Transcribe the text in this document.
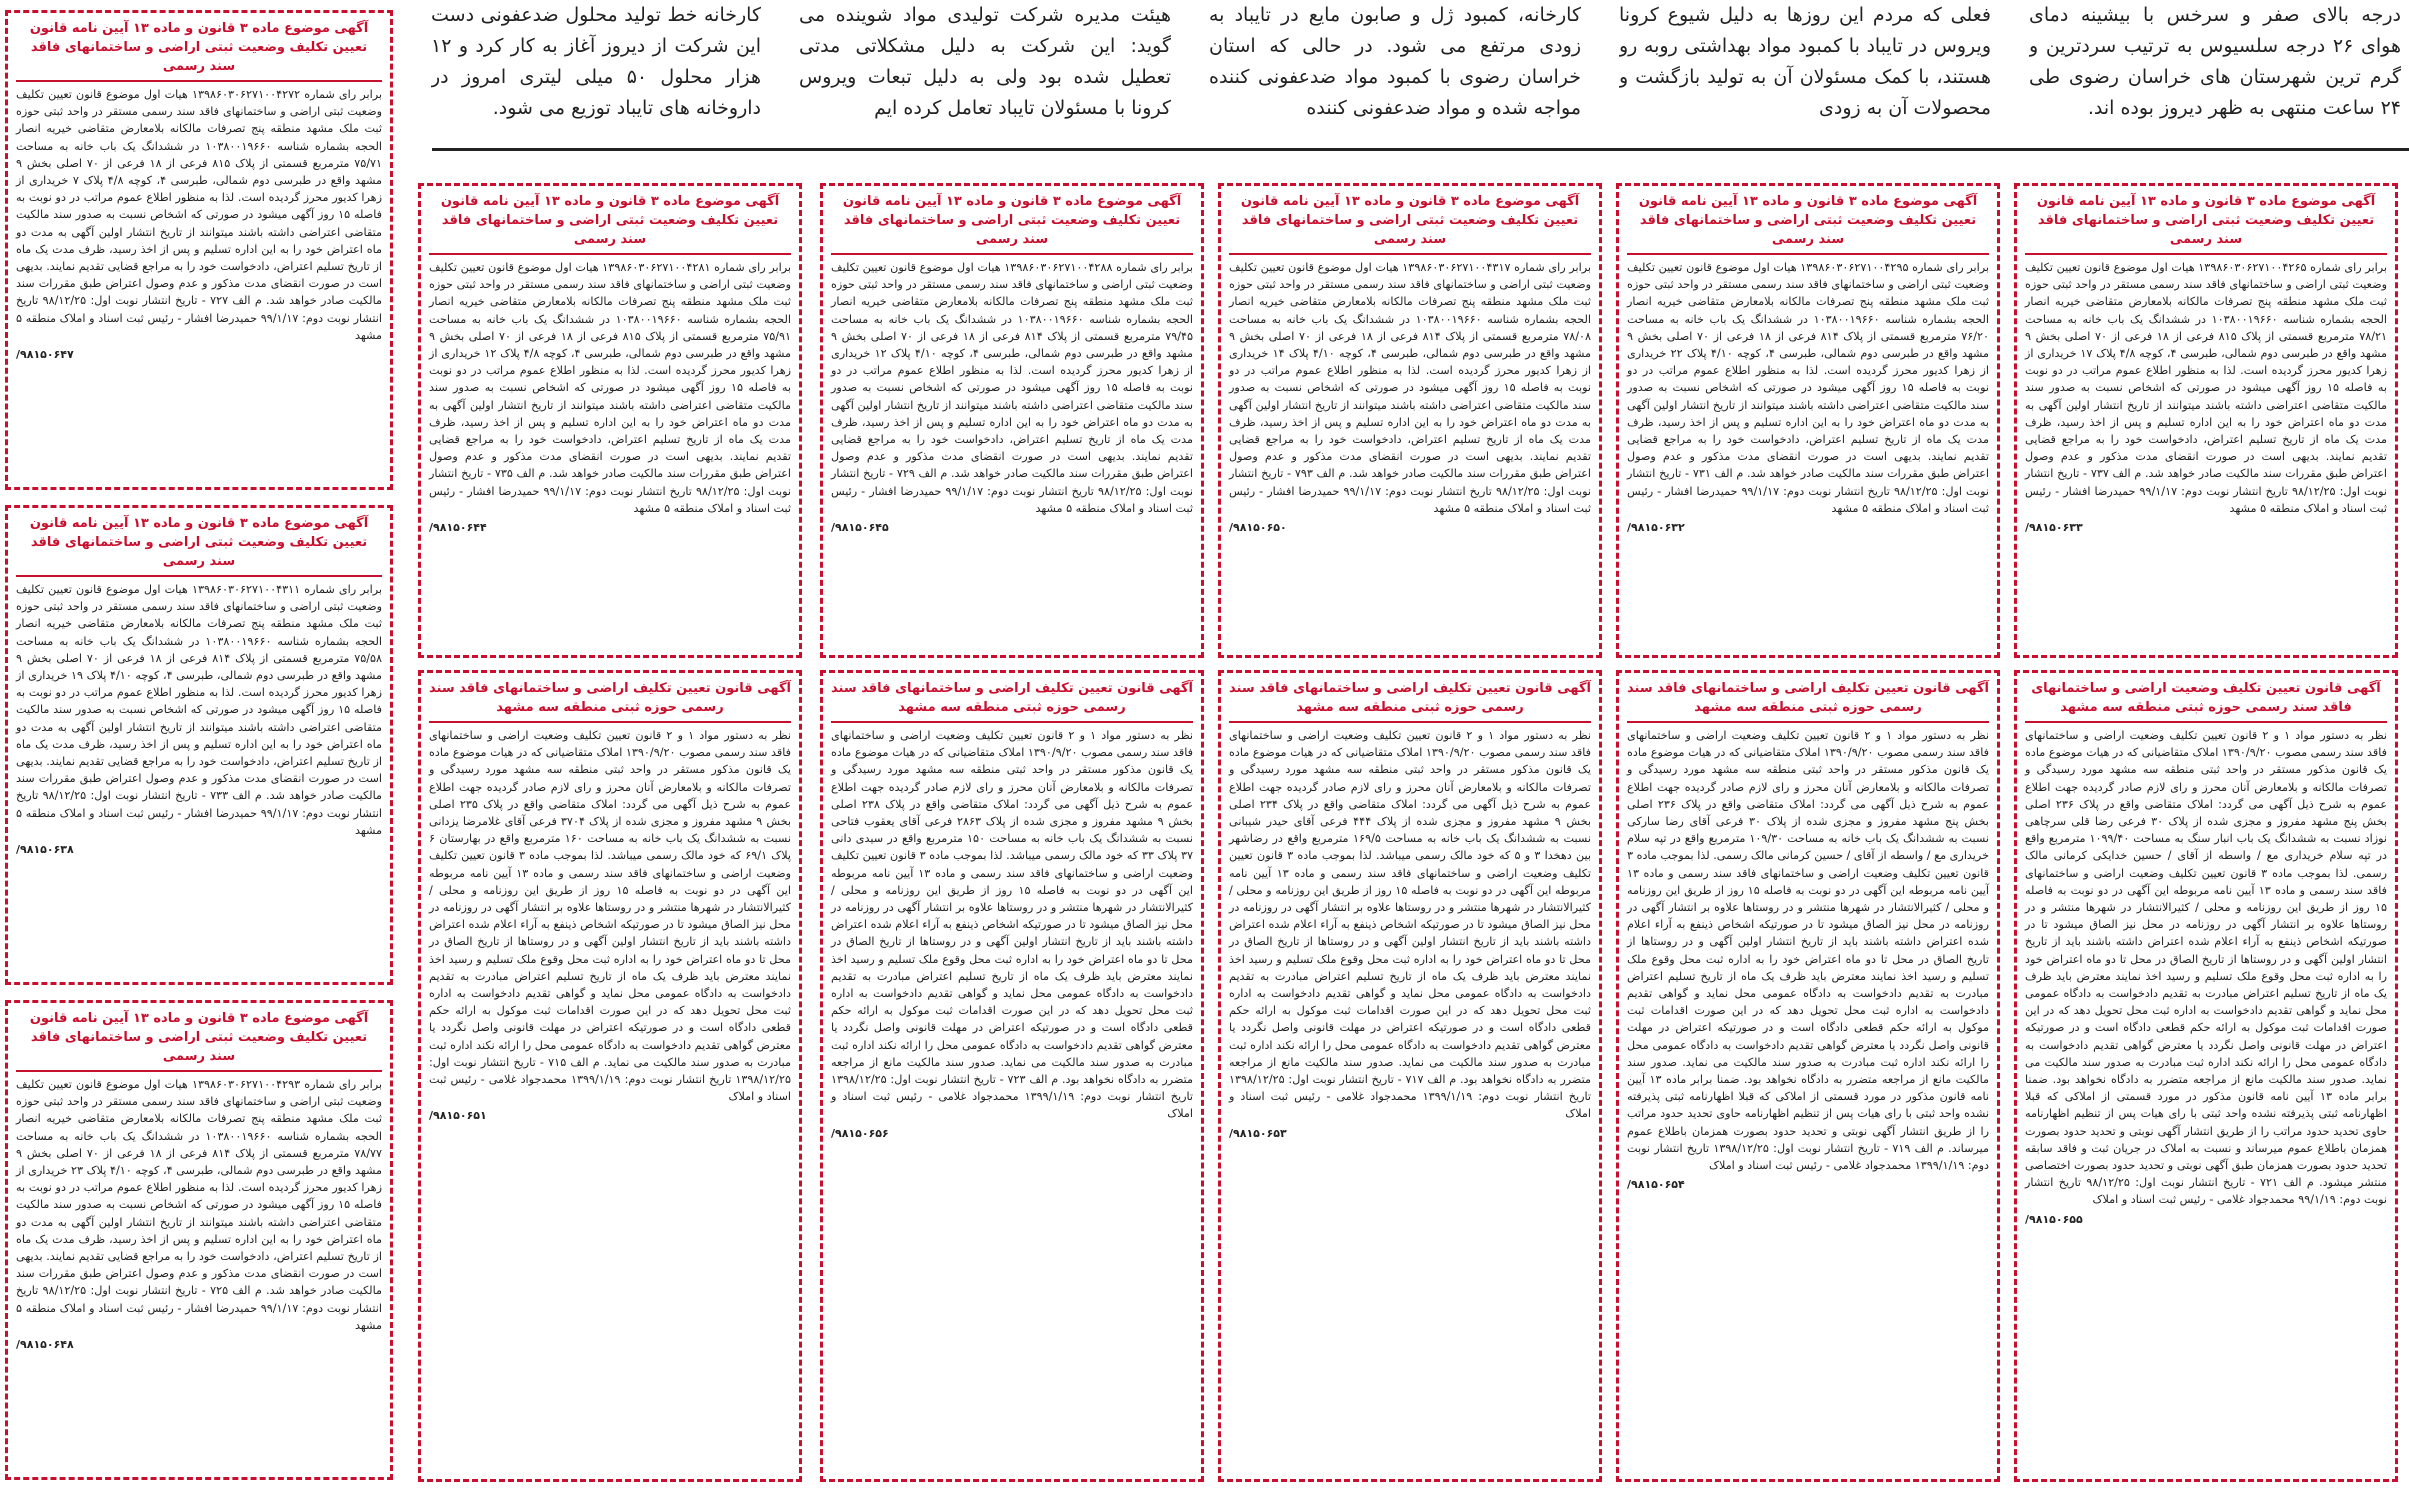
درجه بالای صفر و سرخس با بیشینه دمای هوای ۲۶ درجه سلسیوس به ترتیب سردترین و گرم ترین شهرستان های خراسان رضوی طی ۲۴ ساعت منتهی به ظهر دیروز بوده اند.

فعلی که مردم این روزها به دلیل شیوع کرونا ویروس در تایباد با کمبود مواد بهداشتی روبه رو هستند، با کمک مسئولان آن به تولید بازگشت و محصولات آن به زودی

کارخانه، کمبود ژل و صابون مایع در تایباد به زودی مرتفع می شود. در حالی که استان خراسان رضوی با کمبود مواد ضدعفونی کننده مواجه شده و مواد ضدعفونی کننده

هیئت مدیره شرکت تولیدی مواد شوینده می گوید: این شرکت به دلیل مشکلاتی مدتی تعطیل شده بود ولی به دلیل تبعات ویروس کرونا با مسئولان تایباد تعامل کرده ایم

کارخانه خط تولید محلول ضدعفونی دست این شرکت از دیروز آغاز به کار کرد و ۱۲ هزار محلول ۵۰ میلی لیتری امروز در داروخانه های تایباد توزیع می شود.

آگهی موضوع ماده ۳ قانون و ماده ۱۳ آیین نامه قانون تعیین تکلیف وضعیت ثبتی اراضی و ساختمانهای فاقد سند رسمی

برابر رای شماره ۱۳۹۸۶۰۳۰۶۲۷۱۰۰۴۲۶۵ هیات اول موضوع قانون تعیین تکلیف وضعیت ثبتی اراضی و ساختمانهای فاقد سند رسمی مستقر در واحد ثبتی حوزه ثبت ملک مشهد منطقه پنج تصرفات مالکانه بلامعارض متقاضی خیریه انصار الحجه بشماره شناسه ۱۰۳۸۰۰۱۹۶۶۰ در ششدانگ یک باب خانه به مساحت ۷۸/۲۱ مترمربع قسمتی از پلاک ۸۱۵ فرعی از ۱۸ فرعی از ۷۰ اصلی بخش ۹ مشهد واقع در طبرسی دوم شمالی، طبرسی ۴، کوچه ۴/۸ پلاک ۱۷ خریداری از زهرا کدیور محرز گردیده است. لذا به منظور اطلاع عموم مراتب در دو نوبت به فاصله ۱۵ روز آگهی میشود در صورتی که اشخاص نسبت به صدور سند مالکیت متقاضی اعتراضی داشته باشند میتوانند از تاریخ انتشار اولین آگهی به مدت دو ماه اعتراض خود را به این اداره تسلیم و پس از اخذ رسید، ظرف مدت یک ماه از تاریخ تسلیم اعتراض، دادخواست خود را به مراجع قضایی تقدیم نمایند. بدیهی است در صورت انقضای مدت مذکور و عدم وصول اعتراض طبق مقررات سند مالکیت صادر خواهد شد. م الف ۷۳۷ - تاریخ انتشار نوبت اول: ۹۸/۱۲/۲۵ تاریخ انتشار نوبت دوم: ۹۹/۱/۱۷ حمیدرضا افشار - رئیس ثبت اسناد و املاک منطقه ۵ مشهد

/۹۸۱۵۰۶۳۳
آگهی موضوع ماده ۳ قانون و ماده ۱۳ آیین نامه قانون تعیین تکلیف وضعیت ثبتی اراضی و ساختمانهای فاقد سند رسمی

برابر رای شماره ۱۳۹۸۶۰۳۰۶۲۷۱۰۰۴۲۹۵ هیات اول موضوع قانون تعیین تکلیف وضعیت ثبتی اراضی و ساختمانهای فاقد سند رسمی مستقر در واحد ثبتی حوزه ثبت ملک مشهد منطقه پنج تصرفات مالکانه بلامعارض متقاضی خیریه انصار الحجه بشماره شناسه ۱۰۳۸۰۰۱۹۶۶۰ در ششدانگ یک باب خانه به مساحت ۷۶/۲۰ مترمربع قسمتی از پلاک ۸۱۴ فرعی از ۱۸ فرعی از ۷۰ اصلی بخش ۹ مشهد واقع در طبرسی دوم شمالی، طبرسی ۴، کوچه ۴/۱۰ پلاک ۲۲ خریداری از زهرا کدیور محرز گردیده است. لذا به منظور اطلاع عموم مراتب در دو نوبت به فاصله ۱۵ روز آگهی میشود در صورتی که اشخاص نسبت به صدور سند مالکیت متقاضی اعتراضی داشته باشند میتوانند از تاریخ انتشار اولین آگهی به مدت دو ماه اعتراض خود را به این اداره تسلیم و پس از اخذ رسید، ظرف مدت یک ماه از تاریخ تسلیم اعتراض، دادخواست خود را به مراجع قضایی تقدیم نمایند. بدیهی است در صورت انقضای مدت مذکور و عدم وصول اعتراض طبق مقررات سند مالکیت صادر خواهد شد. م الف ۷۳۱ - تاریخ انتشار نوبت اول: ۹۸/۱۲/۲۵ تاریخ انتشار نوبت دوم: ۹۹/۱/۱۷ حمیدرضا افشار - رئیس ثبت اسناد و املاک منطقه ۵ مشهد

/۹۸۱۵۰۶۳۲
آگهی موضوع ماده ۳ قانون و ماده ۱۳ آیین نامه قانون تعیین تکلیف وضعیت ثبتی اراضی و ساختمانهای فاقد سند رسمی

برابر رای شماره ۱۳۹۸۶۰۳۰۶۲۷۱۰۰۴۳۱۷ هیات اول موضوع قانون تعیین تکلیف وضعیت ثبتی اراضی و ساختمانهای فاقد سند رسمی مستقر در واحد ثبتی حوزه ثبت ملک مشهد منطقه پنج تصرفات مالکانه بلامعارض متقاضی خیریه انصار الحجه بشماره شناسه ۱۰۳۸۰۰۱۹۶۶۰ در ششدانگ یک باب خانه به مساحت ۷۸/۰۸ مترمربع قسمتی از پلاک ۸۱۴ فرعی از ۱۸ فرعی از ۷۰ اصلی بخش ۹ مشهد واقع در طبرسی دوم شمالی، طبرسی ۴، کوچه ۴/۱۰ پلاک ۱۴ خریداری از زهرا کدیور محرز گردیده است. لذا به منظور اطلاع عموم مراتب در دو نوبت به فاصله ۱۵ روز آگهی میشود در صورتی که اشخاص نسبت به صدور سند مالکیت متقاضی اعتراضی داشته باشند میتوانند از تاریخ انتشار اولین آگهی به مدت دو ماه اعتراض خود را به این اداره تسلیم و پس از اخذ رسید، ظرف مدت یک ماه از تاریخ تسلیم اعتراض، دادخواست خود را به مراجع قضایی تقدیم نمایند. بدیهی است در صورت انقضای مدت مذکور و عدم وصول اعتراض طبق مقررات سند مالکیت صادر خواهد شد. م الف ۷۹۳ - تاریخ انتشار نوبت اول: ۹۸/۱۲/۲۵ تاریخ انتشار نوبت دوم: ۹۹/۱/۱۷ حمیدرضا افشار - رئیس ثبت اسناد و املاک منطقه ۵ مشهد

/۹۸۱۵۰۶۵۰
آگهی موضوع ماده ۳ قانون و ماده ۱۳ آیین نامه قانون تعیین تکلیف وضعیت ثبتی اراضی و ساختمانهای فاقد سند رسمی

برابر رای شماره ۱۳۹۸۶۰۳۰۶۲۷۱۰۰۴۲۸۸ هیات اول موضوع قانون تعیین تکلیف وضعیت ثبتی اراضی و ساختمانهای فاقد سند رسمی مستقر در واحد ثبتی حوزه ثبت ملک مشهد منطقه پنج تصرفات مالکانه بلامعارض متقاضی خیریه انصار الحجه بشماره شناسه ۱۰۳۸۰۰۱۹۶۶۰ در ششدانگ یک باب خانه به مساحت ۷۹/۴۵ مترمربع قسمتی از پلاک ۸۱۴ فرعی از ۱۸ فرعی از ۷۰ اصلی بخش ۹ مشهد واقع در طبرسی دوم شمالی، طبرسی ۴، کوچه ۴/۱۰ پلاک ۱۲ خریداری از زهرا کدیور محرز گردیده است. لذا به منظور اطلاع عموم مراتب در دو نوبت به فاصله ۱۵ روز آگهی میشود در صورتی که اشخاص نسبت به صدور سند مالکیت متقاضی اعتراضی داشته باشند میتوانند از تاریخ انتشار اولین آگهی به مدت دو ماه اعتراض خود را به این اداره تسلیم و پس از اخذ رسید، ظرف مدت یک ماه از تاریخ تسلیم اعتراض، دادخواست خود را به مراجع قضایی تقدیم نمایند. بدیهی است در صورت انقضای مدت مذکور و عدم وصول اعتراض طبق مقررات سند مالکیت صادر خواهد شد. م الف ۷۲۹ - تاریخ انتشار نوبت اول: ۹۸/۱۲/۲۵ تاریخ انتشار نوبت دوم: ۹۹/۱/۱۷ حمیدرضا افشار - رئیس ثبت اسناد و املاک منطقه ۵ مشهد

/۹۸۱۵۰۶۴۵
آگهی موضوع ماده ۳ قانون و ماده ۱۳ آیین نامه قانون تعیین تکلیف وضعیت ثبتی اراضی و ساختمانهای فاقد سند رسمی

برابر رای شماره ۱۳۹۸۶۰۳۰۶۲۷۱۰۰۴۲۸۱ هیات اول موضوع قانون تعیین تکلیف وضعیت ثبتی اراضی و ساختمانهای فاقد سند رسمی مستقر در واحد ثبتی حوزه ثبت ملک مشهد منطقه پنج تصرفات مالکانه بلامعارض متقاضی خیریه انصار الحجه بشماره شناسه ۱۰۳۸۰۰۱۹۶۶۰ در ششدانگ یک باب خانه به مساحت ۷۵/۹۱ مترمربع قسمتی از پلاک ۸۱۵ فرعی از ۱۸ فرعی از ۷۰ اصلی بخش ۹ مشهد واقع در طبرسی دوم شمالی، طبرسی ۴، کوچه ۴/۸ پلاک ۱۲ خریداری از زهرا کدیور محرز گردیده است. لذا به منظور اطلاع عموم مراتب در دو نوبت به فاصله ۱۵ روز آگهی میشود در صورتی که اشخاص نسبت به صدور سند مالکیت متقاضی اعتراضی داشته باشند میتوانند از تاریخ انتشار اولین آگهی به مدت دو ماه اعتراض خود را به این اداره تسلیم و پس از اخذ رسید، ظرف مدت یک ماه از تاریخ تسلیم اعتراض، دادخواست خود را به مراجع قضایی تقدیم نمایند. بدیهی است در صورت انقضای مدت مذکور و عدم وصول اعتراض طبق مقررات سند مالکیت صادر خواهد شد. م الف ۷۳۵ - تاریخ انتشار نوبت اول: ۹۸/۱۲/۲۵ تاریخ انتشار نوبت دوم: ۹۹/۱/۱۷ حمیدرضا افشار - رئیس ثبت اسناد و املاک منطقه ۵ مشهد

/۹۸۱۵۰۶۴۴
آگهی موضوع ماده ۳ قانون و ماده ۱۳ آیین نامه قانون تعیین تکلیف وضعیت ثبتی اراضی و ساختمانهای فاقد سند رسمی

برابر رای شماره ۱۳۹۸۶۰۳۰۶۲۷۱۰۰۴۲۷۲ هیات اول موضوع قانون تعیین تکلیف وضعیت ثبتی اراضی و ساختمانهای فاقد سند رسمی مستقر در واحد ثبتی حوزه ثبت ملک مشهد منطقه پنج تصرفات مالکانه بلامعارض متقاضی خیریه انصار الحجه بشماره شناسه ۱۰۳۸۰۰۱۹۶۶۰ در ششدانگ یک باب خانه به مساحت ۷۵/۷۱ مترمربع قسمتی از پلاک ۸۱۵ فرعی از ۱۸ فرعی از ۷۰ اصلی بخش ۹ مشهد واقع در طبرسی دوم شمالی، طبرسی ۴، کوچه ۴/۸ پلاک ۷ خریداری از زهرا کدیور محرز گردیده است. لذا به منظور اطلاع عموم مراتب در دو نوبت به فاصله ۱۵ روز آگهی میشود در صورتی که اشخاص نسبت به صدور سند مالکیت متقاضی اعتراضی داشته باشند میتوانند از تاریخ انتشار اولین آگهی به مدت دو ماه اعتراض خود را به این اداره تسلیم و پس از اخذ رسید، ظرف مدت یک ماه از تاریخ تسلیم اعتراض، دادخواست خود را به مراجع قضایی تقدیم نمایند. بدیهی است در صورت انقضای مدت مذکور و عدم وصول اعتراض طبق مقررات سند مالکیت صادر خواهد شد. م الف ۷۲۷ - تاریخ انتشار نوبت اول: ۹۸/۱۲/۲۵ تاریخ انتشار نوبت دوم: ۹۹/۱/۱۷ حمیدرضا افشار - رئیس ثبت اسناد و املاک منطقه ۵ مشهد

/۹۸۱۵۰۶۴۷
آگهی موضوع ماده ۳ قانون و ماده ۱۳ آیین نامه قانون تعیین تکلیف وضعیت ثبتی اراضی و ساختمانهای فاقد سند رسمی

برابر رای شماره ۱۳۹۸۶۰۳۰۶۲۷۱۰۰۴۳۱۱ هیات اول موضوع قانون تعیین تکلیف وضعیت ثبتی اراضی و ساختمانهای فاقد سند رسمی مستقر در واحد ثبتی حوزه ثبت ملک مشهد منطقه پنج تصرفات مالکانه بلامعارض متقاضی خیریه انصار الحجه بشماره شناسه ۱۰۳۸۰۰۱۹۶۶۰ در ششدانگ یک باب خانه به مساحت ۷۵/۵۸ مترمربع قسمتی از پلاک ۸۱۴ فرعی از ۱۸ فرعی از ۷۰ اصلی بخش ۹ مشهد واقع در طبرسی دوم شمالی، طبرسی ۴، کوچه ۴/۱۰ پلاک ۱۹ خریداری از زهرا کدیور محرز گردیده است. لذا به منظور اطلاع عموم مراتب در دو نوبت به فاصله ۱۵ روز آگهی میشود در صورتی که اشخاص نسبت به صدور سند مالکیت متقاضی اعتراضی داشته باشند میتوانند از تاریخ انتشار اولین آگهی به مدت دو ماه اعتراض خود را به این اداره تسلیم و پس از اخذ رسید، ظرف مدت یک ماه از تاریخ تسلیم اعتراض، دادخواست خود را به مراجع قضایی تقدیم نمایند. بدیهی است در صورت انقضای مدت مذکور و عدم وصول اعتراض طبق مقررات سند مالکیت صادر خواهد شد. م الف ۷۳۳ - تاریخ انتشار نوبت اول: ۹۸/۱۲/۲۵ تاریخ انتشار نوبت دوم: ۹۹/۱/۱۷ حمیدرضا افشار - رئیس ثبت اسناد و املاک منطقه ۵ مشهد

/۹۸۱۵۰۶۳۸
آگهی موضوع ماده ۳ قانون و ماده ۱۳ آیین نامه قانون تعیین تکلیف وضعیت ثبتی اراضی و ساختمانهای فاقد سند رسمی

برابر رای شماره ۱۳۹۸۶۰۳۰۶۲۷۱۰۰۴۲۹۳ هیات اول موضوع قانون تعیین تکلیف وضعیت ثبتی اراضی و ساختمانهای فاقد سند رسمی مستقر در واحد ثبتی حوزه ثبت ملک مشهد منطقه پنج تصرفات مالکانه بلامعارض متقاضی خیریه انصار الحجه بشماره شناسه ۱۰۳۸۰۰۱۹۶۶۰ در ششدانگ یک باب خانه به مساحت ۷۸/۷۷ مترمربع قسمتی از پلاک ۸۱۴ فرعی از ۱۸ فرعی از ۷۰ اصلی بخش ۹ مشهد واقع در طبرسی دوم شمالی، طبرسی ۴، کوچه ۴/۱۰ پلاک ۲۳ خریداری از زهرا کدیور محرز گردیده است. لذا به منظور اطلاع عموم مراتب در دو نوبت به فاصله ۱۵ روز آگهی میشود در صورتی که اشخاص نسبت به صدور سند مالکیت متقاضی اعتراضی داشته باشند میتوانند از تاریخ انتشار اولین آگهی به مدت دو ماه اعتراض خود را به این اداره تسلیم و پس از اخذ رسید، ظرف مدت یک ماه از تاریخ تسلیم اعتراض، دادخواست خود را به مراجع قضایی تقدیم نمایند. بدیهی است در صورت انقضای مدت مذکور و عدم وصول اعتراض طبق مقررات سند مالکیت صادر خواهد شد. م الف ۷۲۵ - تاریخ انتشار نوبت اول: ۹۸/۱۲/۲۵ تاریخ انتشار نوبت دوم: ۹۹/۱/۱۷ حمیدرضا افشار - رئیس ثبت اسناد و املاک منطقه ۵ مشهد

/۹۸۱۵۰۶۴۸
آگهی قانون تعیین تکلیف وضعیت اراضی و ساختمانهای فاقد سند رسمی حوزه ثبتی منطقه سه مشهد

نظر به دستور مواد ۱ و ۲ قانون تعیین تکلیف وضعیت اراضی و ساختمانهای فاقد سند رسمی مصوب ۱۳۹۰/۹/۲۰ املاک متقاضیانی که در هیات موضوع ماده یک قانون مذکور مستقر در واحد ثبتی منطقه سه مشهد مورد رسیدگی و تصرفات مالکانه و بلامعارض آنان محرز و رای لازم صادر گردیده جهت اطلاع عموم به شرح ذیل آگهی می گردد: املاک متقاضی واقع در پلاک ۲۳۶ اصلی بخش پنج مشهد مفروز و مجزی شده از پلاک ۳۰ فرعی رضا قلی سرچاهی نوزاد نسبت به ششدانگ یک باب انبار سنگ به مساحت ۱۰۹۹/۴۰ مترمربع واقع در تپه سلام خریداری مع / واسطه از آقای / حسین خدایکی کرمانی مالک رسمی. لذا بموجب ماده ۳ قانون تعیین تکلیف وضعیت اراضی و ساختمانهای فاقد سند رسمی و ماده ۱۳ آیین نامه مربوطه این آگهی در دو نوبت به فاصله ۱۵ روز از طریق این روزنامه و محلی / کثیرالانتشار در شهرها منتشر و در روستاها علاوه بر انتشار آگهی در روزنامه در محل نیز الصاق میشود تا در صورتیکه اشخاص ذینفع به آراء اعلام شده اعتراض داشته باشند باید از تاریخ انتشار اولین آگهی و در روستاها از تاریخ الصاق در محل تا دو ماه اعتراض خود را به اداره ثبت محل وقوع ملک تسلیم و رسید اخذ نمایند معترض باید ظرف یک ماه از تاریخ تسلیم اعتراض مبادرت به تقدیم دادخواست به دادگاه عمومی محل نماید و گواهی تقدیم دادخواست به اداره ثبت محل تحویل دهد که در این صورت اقدامات ثبت موکول به ارائه حکم قطعی دادگاه است و در صورتیکه اعتراض در مهلت قانونی واصل نگردد یا معترض گواهی تقدیم دادخواست به دادگاه عمومی محل را ارائه نکند اداره ثبت مبادرت به صدور سند مالکیت می نماید. صدور سند مالکیت مانع از مراجعه متضرر به دادگاه نخواهد بود. ضمنا برابر ماده ۱۳ آیین نامه قانون مذکور در مورد قسمتی از املاکی که قبلا اظهارنامه ثبتی پذیرفته نشده واحد ثبتی با رای هیات پس از تنظیم اظهارنامه حاوی تحدید حدود مراتب را از طریق انتشار آگهی نوبتی و تحدید حدود بصورت همزمان باطلاع عموم میرساند و نسبت به املاک در جریان ثبت و فاقد سابقه تحدید حدود بصورت همزمان طبق آگهی نوبتی و تحدید حدود بصورت اختصاصی منتشر میشود. م الف ۷۲۱ - تاریخ انتشار نوبت اول: ۹۸/۱۲/۲۵ تاریخ انتشار نوبت دوم: ۹۹/۱/۱۹ محمدجواد غلامی - رئیس ثبت اسناد و املاک

/۹۸۱۵۰۶۵۵
آگهی قانون تعیین تکلیف اراضی و ساختمانهای فاقد سند رسمی حوزه ثبتی منطقه سه مشهد

نظر به دستور مواد ۱ و ۲ قانون تعیین تکلیف وضعیت اراضی و ساختمانهای فاقد سند رسمی مصوب ۱۳۹۰/۹/۲۰ املاک متقاضیانی که در هیات موضوع ماده یک قانون مذکور مستقر در واحد ثبتی منطقه سه مشهد مورد رسیدگی و تصرفات مالکانه و بلامعارض آنان محرز و رای لازم صادر گردیده جهت اطلاع عموم به شرح ذیل آگهی می گردد: املاک متقاضی واقع در پلاک ۲۳۶ اصلی بخش پنج مشهد مفروز و مجزی شده از پلاک ۳۰ فرعی آقای رضا سارکی نسبت به ششدانگ یک باب خانه به مساحت ۱۰۹/۳۰ مترمربع واقع در تپه سلام خریداری مع / واسطه از آقای / حسین کرمانی مالک رسمی. لذا بموجب ماده ۳ قانون تعیین تکلیف وضعیت اراضی و ساختمانهای فاقد سند رسمی و ماده ۱۳ آیین نامه مربوطه این آگهی در دو نوبت به فاصله ۱۵ روز از طریق این روزنامه و محلی / کثیرالانتشار در شهرها منتشر و در روستاها علاوه بر انتشار آگهی در روزنامه در محل نیز الصاق میشود تا در صورتیکه اشخاص ذینفع به آراء اعلام شده اعتراض داشته باشند باید از تاریخ انتشار اولین آگهی و در روستاها از تاریخ الصاق در محل تا دو ماه اعتراض خود را به اداره ثبت محل وقوع ملک تسلیم و رسید اخذ نمایند معترض باید ظرف یک ماه از تاریخ تسلیم اعتراض مبادرت به تقدیم دادخواست به دادگاه عمومی محل نماید و گواهی تقدیم دادخواست به اداره ثبت محل تحویل دهد که در این صورت اقدامات ثبت موکول به ارائه حکم قطعی دادگاه است و در صورتیکه اعتراض در مهلت قانونی واصل نگردد یا معترض گواهی تقدیم دادخواست به دادگاه عمومی محل را ارائه نکند اداره ثبت مبادرت به صدور سند مالکیت می نماید. صدور سند مالکیت مانع از مراجعه متضرر به دادگاه نخواهد بود. ضمنا برابر ماده ۱۳ آیین نامه قانون مذکور در مورد قسمتی از املاکی که قبلا اظهارنامه ثبتی پذیرفته نشده واحد ثبتی با رای هیات پس از تنظیم اظهارنامه حاوی تحدید حدود مراتب را از طریق انتشار آگهی نوبتی و تحدید حدود بصورت همزمان باطلاع عموم میرساند. م الف ۷۱۹ - تاریخ انتشار نوبت اول: ۱۳۹۸/۱۲/۲۵ تاریخ انتشار نوبت دوم: ۱۳۹۹/۱/۱۹ محمدجواد غلامی - رئیس ثبت اسناد و املاک

/۹۸۱۵۰۶۵۴
آگهی قانون تعیین تکلیف اراضی و ساختمانهای فاقد سند رسمی حوزه ثبتی منطقه سه مشهد

نظر به دستور مواد ۱ و ۲ قانون تعیین تکلیف وضعیت اراضی و ساختمانهای فاقد سند رسمی مصوب ۱۳۹۰/۹/۲۰ املاک متقاضیانی که در هیات موضوع ماده یک قانون مذکور مستقر در واحد ثبتی منطقه سه مشهد مورد رسیدگی و تصرفات مالکانه و بلامعارض آنان محرز و رای لازم صادر گردیده جهت اطلاع عموم به شرح ذیل آگهی می گردد: املاک متقاضی واقع در پلاک ۲۳۴ اصلی بخش ۹ مشهد مفروز و مجزی شده از پلاک ۴۴۴ فرعی آقای حیدر شیبانی نسبت به ششدانگ یک باب خانه به مساحت ۱۶۹/۵ مترمربع واقع در رضاشهر بین دهخدا ۳ و ۵ که خود مالک رسمی میباشد. لذا بموجب ماده ۳ قانون تعیین تکلیف وضعیت اراضی و ساختمانهای فاقد سند رسمی و ماده ۱۳ آیین نامه مربوطه این آگهی در دو نوبت به فاصله ۱۵ روز از طریق این روزنامه و محلی / کثیرالانتشار در شهرها منتشر و در روستاها علاوه بر انتشار آگهی در روزنامه در محل نیز الصاق میشود تا در صورتیکه اشخاص ذینفع به آراء اعلام شده اعتراض داشته باشند باید از تاریخ انتشار اولین آگهی و در روستاها از تاریخ الصاق در محل تا دو ماه اعتراض خود را به اداره ثبت محل وقوع ملک تسلیم و رسید اخذ نمایند معترض باید ظرف یک ماه از تاریخ تسلیم اعتراض مبادرت به تقدیم دادخواست به دادگاه عمومی محل نماید و گواهی تقدیم دادخواست به اداره ثبت محل تحویل دهد که در این صورت اقدامات ثبت موکول به ارائه حکم قطعی دادگاه است و در صورتیکه اعتراض در مهلت قانونی واصل نگردد یا معترض گواهی تقدیم دادخواست به دادگاه عمومی محل را ارائه نکند اداره ثبت مبادرت به صدور سند مالکیت می نماید. صدور سند مالکیت مانع از مراجعه متضرر به دادگاه نخواهد بود. م الف ۷۱۷ - تاریخ انتشار نوبت اول: ۱۳۹۸/۱۲/۲۵ تاریخ انتشار نوبت دوم: ۱۳۹۹/۱/۱۹ محمدجواد غلامی - رئیس ثبت اسناد و املاک

/۹۸۱۵۰۶۵۳
آگهی قانون تعیین تکلیف اراضی و ساختمانهای فاقد سند رسمی حوزه ثبتی منطقه سه مشهد

نظر به دستور مواد ۱ و ۲ قانون تعیین تکلیف وضعیت اراضی و ساختمانهای فاقد سند رسمی مصوب ۱۳۹۰/۹/۲۰ املاک متقاضیانی که در هیات موضوع ماده یک قانون مذکور مستقر در واحد ثبتی منطقه سه مشهد مورد رسیدگی و تصرفات مالکانه و بلامعارض آنان محرز و رای لازم صادر گردیده جهت اطلاع عموم به شرح ذیل آگهی می گردد: املاک متقاضی واقع در پلاک ۲۳۸ اصلی بخش ۹ مشهد مفروز و مجزی شده از پلاک ۲۸۶۳ فرعی آقای یعقوب فتاحی نسبت به ششدانگ یک باب خانه به مساحت ۱۵۰ مترمربع واقع در سیدی دانی ۳۷ پلاک ۳۳ که خود مالک رسمی میباشد. لذا بموجب ماده ۳ قانون تعیین تکلیف وضعیت اراضی و ساختمانهای فاقد سند رسمی و ماده ۱۳ آیین نامه مربوطه این آگهی در دو نوبت به فاصله ۱۵ روز از طریق این روزنامه و محلی / کثیرالانتشار در شهرها منتشر و در روستاها علاوه بر انتشار آگهی در روزنامه در محل نیز الصاق میشود تا در صورتیکه اشخاص ذینفع به آراء اعلام شده اعتراض داشته باشند باید از تاریخ انتشار اولین آگهی و در روستاها از تاریخ الصاق در محل تا دو ماه اعتراض خود را به اداره ثبت محل وقوع ملک تسلیم و رسید اخذ نمایند معترض باید ظرف یک ماه از تاریخ تسلیم اعتراض مبادرت به تقدیم دادخواست به دادگاه عمومی محل نماید و گواهی تقدیم دادخواست به اداره ثبت محل تحویل دهد که در این صورت اقدامات ثبت موکول به ارائه حکم قطعی دادگاه است و در صورتیکه اعتراض در مهلت قانونی واصل نگردد یا معترض گواهی تقدیم دادخواست به دادگاه عمومی محل را ارائه نکند اداره ثبت مبادرت به صدور سند مالکیت می نماید. صدور سند مالکیت مانع از مراجعه متضرر به دادگاه نخواهد بود. م الف ۷۲۳ - تاریخ انتشار نوبت اول: ۱۳۹۸/۱۲/۲۵ تاریخ انتشار نوبت دوم: ۱۳۹۹/۱/۱۹ محمدجواد غلامی - رئیس ثبت اسناد و املاک

/۹۸۱۵۰۶۵۶
آگهی قانون تعیین تکلیف اراضی و ساختمانهای فاقد سند رسمی حوزه ثبتی منطقه سه مشهد

نظر به دستور مواد ۱ و ۲ قانون تعیین تکلیف وضعیت اراضی و ساختمانهای فاقد سند رسمی مصوب ۱۳۹۰/۹/۲۰ املاک متقاضیانی که در هیات موضوع ماده یک قانون مذکور مستقر در واحد ثبتی منطقه سه مشهد مورد رسیدگی و تصرفات مالکانه و بلامعارض آنان محرز و رای لازم صادر گردیده جهت اطلاع عموم به شرح ذیل آگهی می گردد: املاک متقاضی واقع در پلاک ۲۳۵ اصلی بخش ۹ مشهد مفروز و مجزی شده از پلاک ۳۷۰۴ فرعی آقای غلامرضا یزدانی نسبت به ششدانگ یک باب خانه به مساحت ۱۶۰ مترمربع واقع در بهارستان ۶ پلاک ۶۹/۱ که خود مالک رسمی میباشد. لذا بموجب ماده ۳ قانون تعیین تکلیف وضعیت اراضی و ساختمانهای فاقد سند رسمی و ماده ۱۳ آیین نامه مربوطه این آگهی در دو نوبت به فاصله ۱۵ روز از طریق این روزنامه و محلی / کثیرالانتشار در شهرها منتشر و در روستاها علاوه بر انتشار آگهی در روزنامه در محل نیز الصاق میشود تا در صورتیکه اشخاص ذینفع به آراء اعلام شده اعتراض داشته باشند باید از تاریخ انتشار اولین آگهی و در روستاها از تاریخ الصاق در محل تا دو ماه اعتراض خود را به اداره ثبت محل وقوع ملک تسلیم و رسید اخذ نمایند معترض باید ظرف یک ماه از تاریخ تسلیم اعتراض مبادرت به تقدیم دادخواست به دادگاه عمومی محل نماید و گواهی تقدیم دادخواست به اداره ثبت محل تحویل دهد که در این صورت اقدامات ثبت موکول به ارائه حکم قطعی دادگاه است و در صورتیکه اعتراض در مهلت قانونی واصل نگردد یا معترض گواهی تقدیم دادخواست به دادگاه عمومی محل را ارائه نکند اداره ثبت مبادرت به صدور سند مالکیت می نماید. م الف ۷۱۵ - تاریخ انتشار نوبت اول: ۱۳۹۸/۱۲/۲۵ تاریخ انتشار نوبت دوم: ۱۳۹۹/۱/۱۹ محمدجواد غلامی - رئیس ثبت اسناد و املاک

/۹۸۱۵۰۶۵۱
